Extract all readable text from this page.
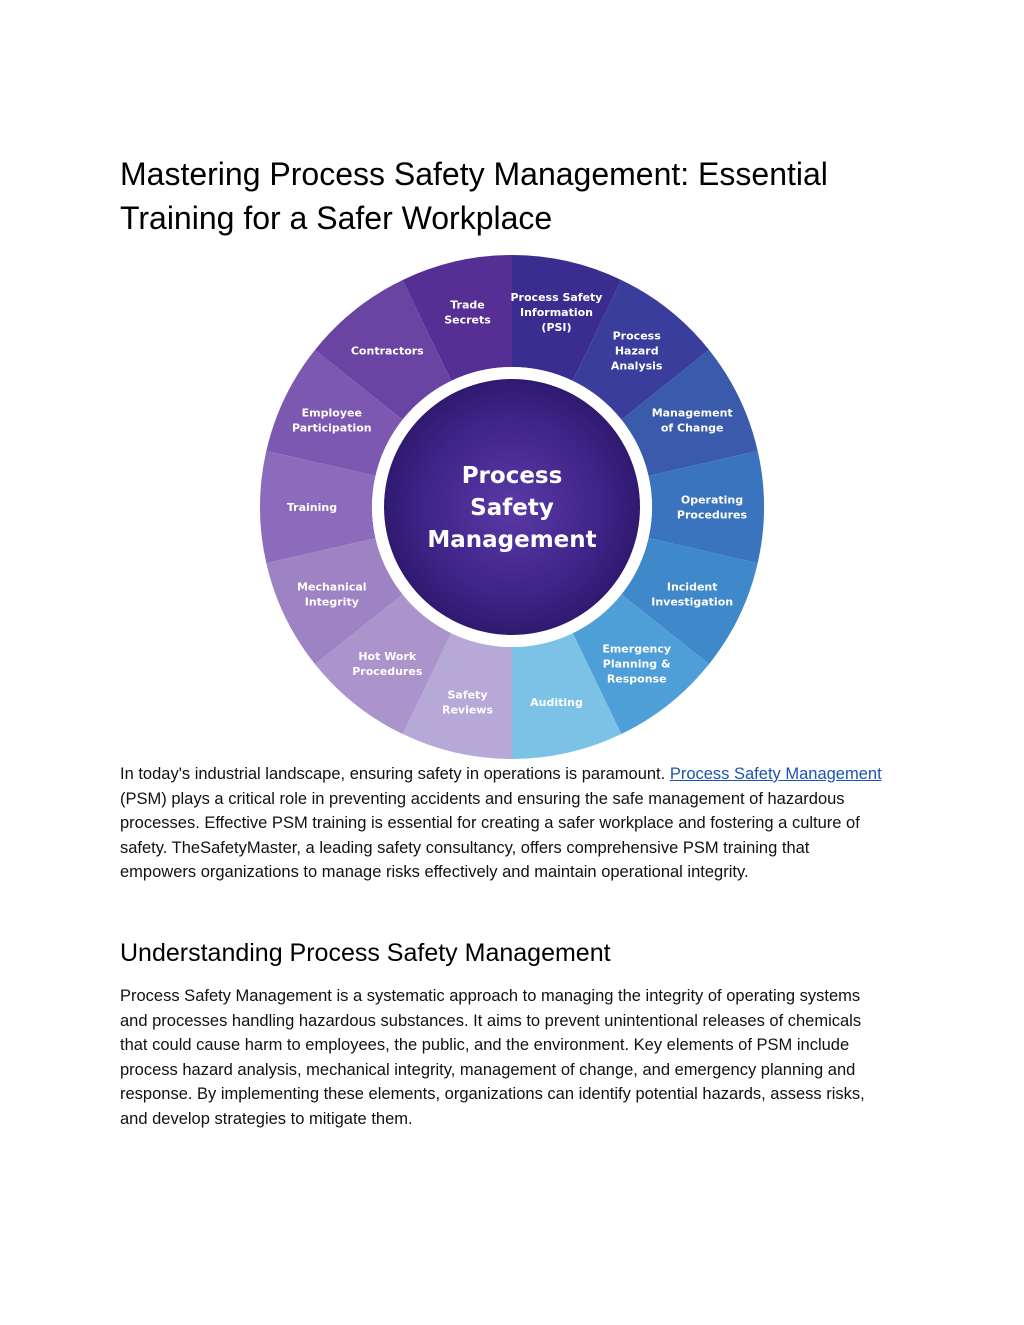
Mastering Process Safety Management: Essential Training for a Safer Workplace
Process
Safety
Management
Process Safety Information (PSI)
Process Hazard Analysis
Management of Change
Operating Procedures
Incident Investigation
Emergency Planning & Response
Auditing
Safety Reviews
Hot Work Procedures
Mechanical Integrity
Training
Employee Participation
Contractors
Trade Secrets

In today's industrial landscape, ensuring safety in operations is paramount. Process Safety Management (PSM) plays a critical role in preventing accidents and ensuring the safe management of hazardous processes. Effective PSM training is essential for creating a safer workplace and fostering a culture of safety. TheSafetyMaster, a leading safety consultancy, offers comprehensive PSM training that empowers organizations to manage risks effectively and maintain operational integrity.

Understanding Process Safety Management

Process Safety Management is a systematic approach to managing the integrity of operating systems and processes handling hazardous substances. It aims to prevent unintentional releases of chemicals that could cause harm to employees, the public, and the environment. Key elements of PSM include process hazard analysis, mechanical integrity, management of change, and emergency planning and response. By implementing these elements, organizations can identify potential hazards, assess risks, and develop strategies to mitigate them.
